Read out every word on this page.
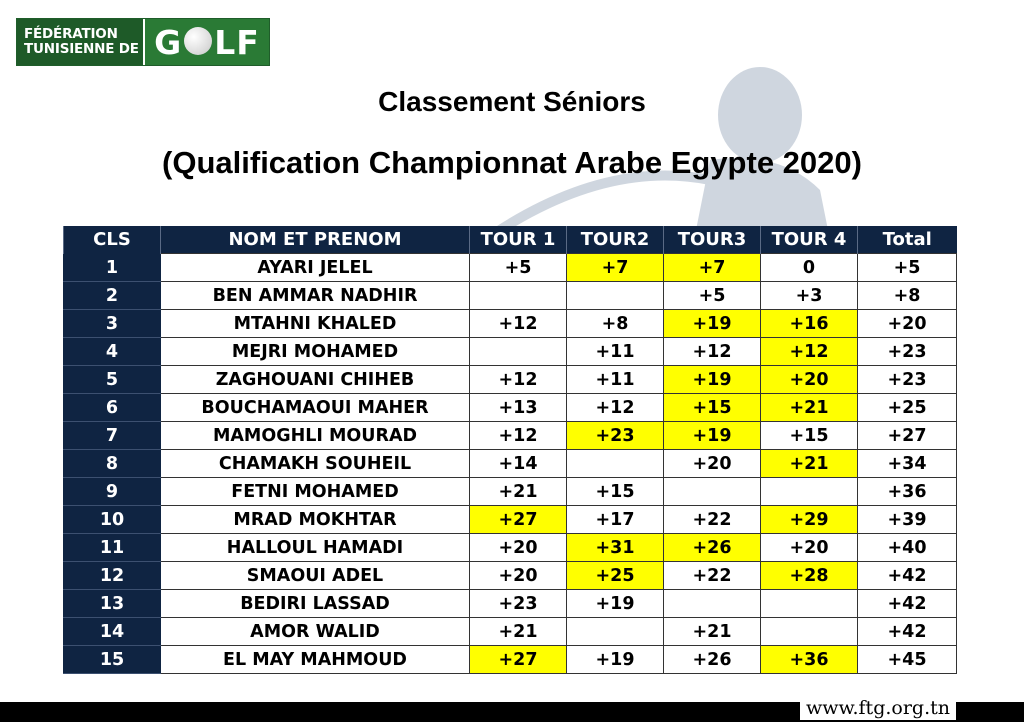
FÉDÉRATION
TUNISIENNE DE G LF
Classement Séniors
(Qualification Championnat Arabe Egypte 2020)
CLS	NOM ET PRENOM	TOUR 1	TOUR2	TOUR3	TOUR 4	Total
1	AYARI JELEL	+5	+7	+7	0	+5
2	BEN AMMAR NADHIR			+5	+3	+8
3	MTAHNI KHALED	+12	+8	+19	+16	+20
4	MEJRI MOHAMED		+11	+12	+12	+23
5	ZAGHOUANI CHIHEB	+12	+11	+19	+20	+23
6	BOUCHAMAOUI MAHER	+13	+12	+15	+21	+25
7	MAMOGHLI MOURAD	+12	+23	+19	+15	+27
8	CHAMAKH SOUHEIL	+14		+20	+21	+34
9	FETNI MOHAMED	+21	+15			+36
10	MRAD MOKHTAR	+27	+17	+22	+29	+39
11	HALLOUL HAMADI	+20	+31	+26	+20	+40
12	SMAOUI ADEL	+20	+25	+22	+28	+42
13	BEDIRI LASSAD	+23	+19			+42
14	AMOR WALID	+21		+21		+42
15	EL MAY MAHMOUD	+27	+19	+26	+36	+45
www.ftg.org.tn
